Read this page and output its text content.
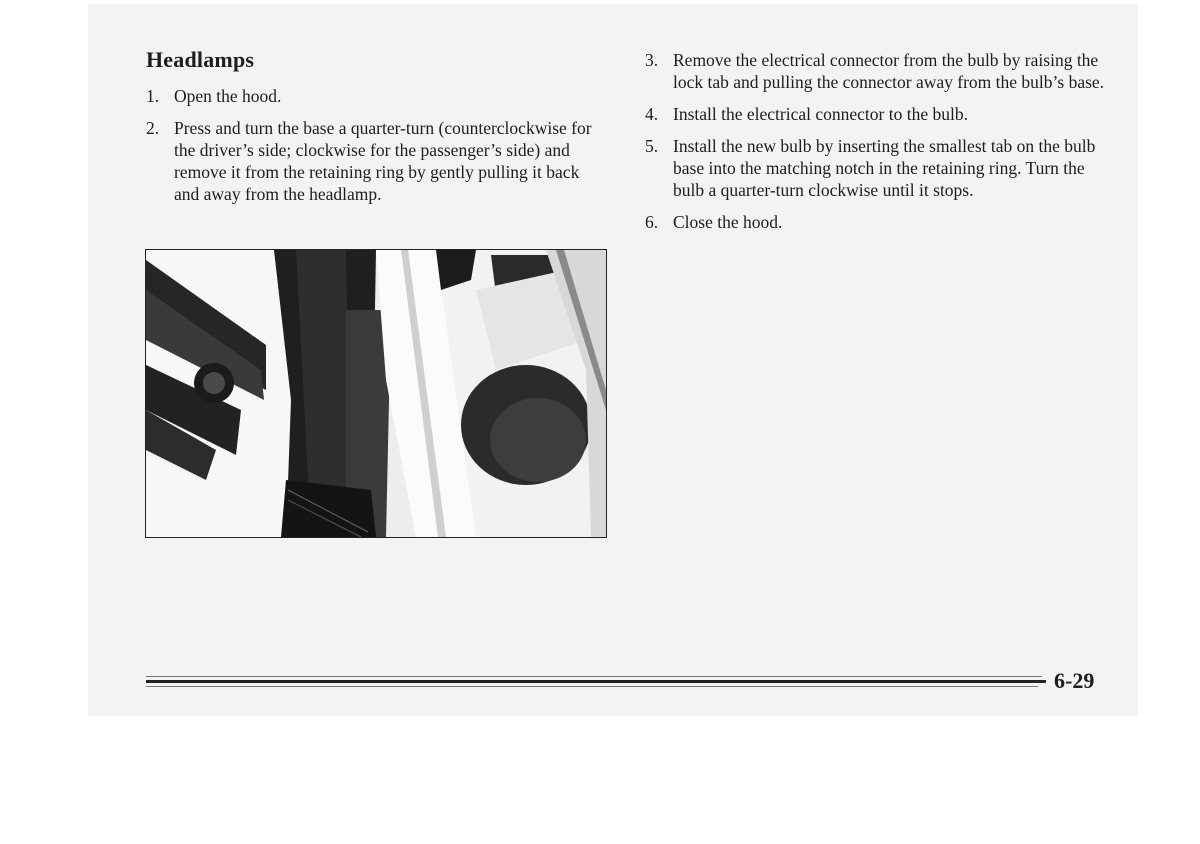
Headlamps
1. Open the hood.
2. Press and turn the base a quarter-turn (counterclockwise for the driver’s side; clockwise for the passenger’s side) and remove it from the retaining ring by gently pulling it back and away from the headlamp.
3. Remove the electrical connector from the bulb by raising the lock tab and pulling the connector away from the bulb’s base.
4. Install the electrical connector to the bulb.
5. Install the new bulb by inserting the smallest tab on the bulb base into the matching notch in the retaining ring. Turn the bulb a quarter-turn clockwise until it stops.
6. Close the hood.
6-29
